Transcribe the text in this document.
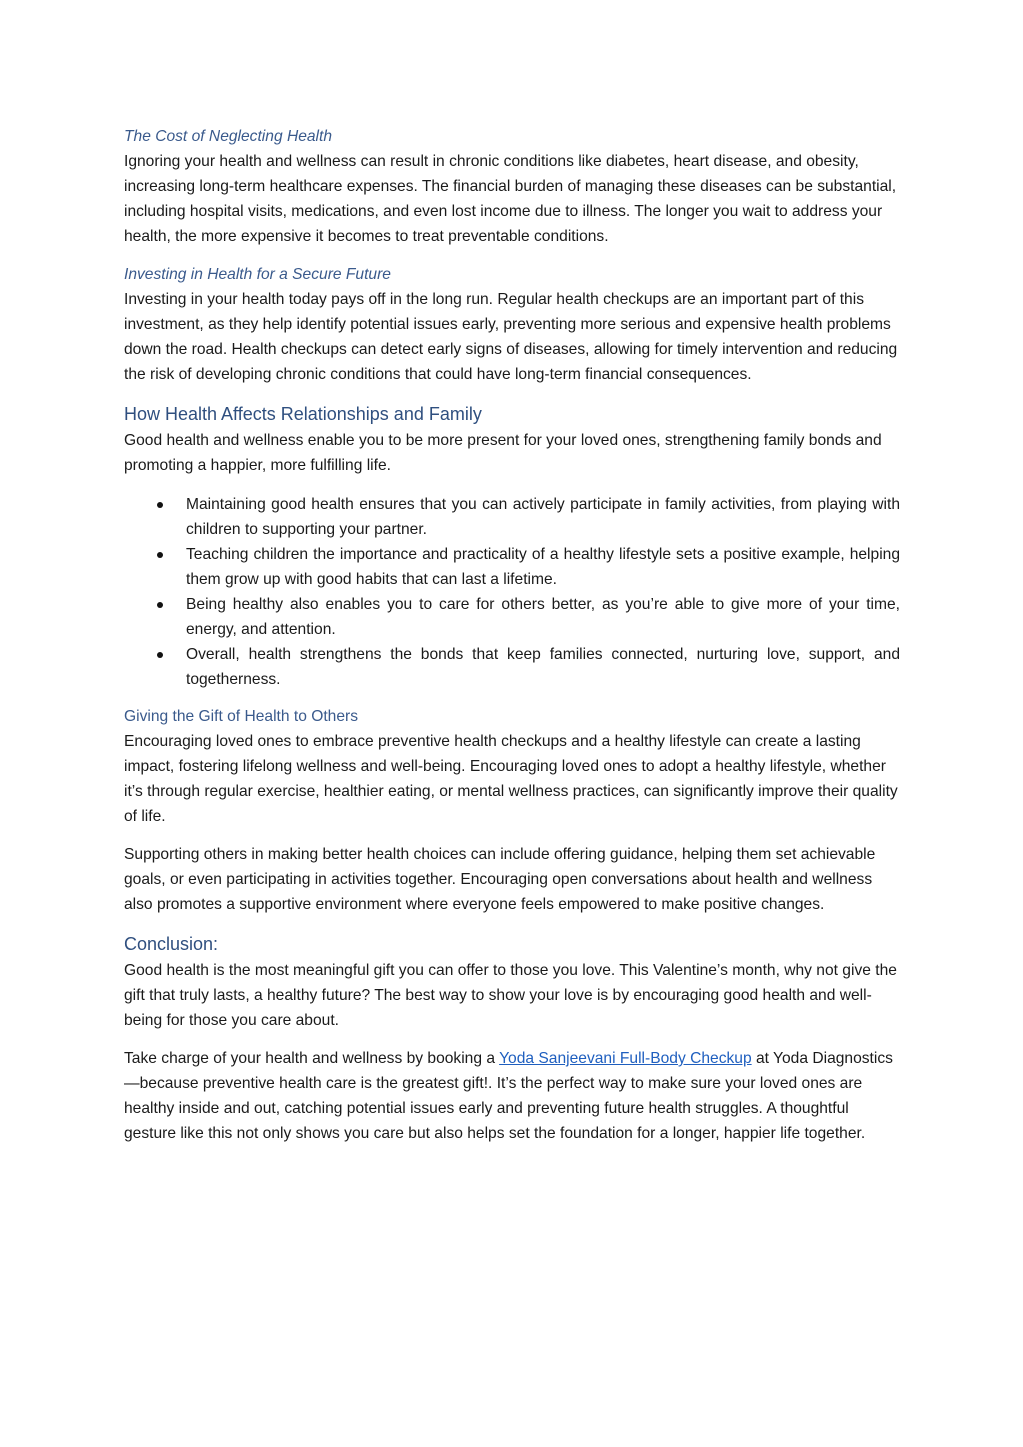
The Cost of Neglecting Health

Ignoring your health and wellness can result in chronic conditions like diabetes, heart disease, and obesity, increasing long-term healthcare expenses. The financial burden of managing these diseases can be substantial, including hospital visits, medications, and even lost income due to illness. The longer you wait to address your health, the more expensive it becomes to treat preventable conditions.

Investing in Health for a Secure Future

Investing in your health today pays off in the long run. Regular health checkups are an important part of this investment, as they help identify potential issues early, preventing more serious and expensive health problems down the road. Health checkups can detect early signs of diseases, allowing for timely intervention and reducing the risk of developing chronic conditions that could have long-term financial consequences.

How Health Affects Relationships and Family

Good health and wellness enable you to be more present for your loved ones, strengthening family bonds and promoting a happier, more fulfilling life.

Maintaining good health ensures that you can actively participate in family activities, from playing with children to supporting your partner.
Teaching children the importance and practicality of a healthy lifestyle sets a positive example, helping them grow up with good habits that can last a lifetime.
Being healthy also enables you to care for others better, as you’re able to give more of your time, energy, and attention.
Overall, health strengthens the bonds that keep families connected, nurturing love, support, and togetherness.

Giving the Gift of Health to Others

Encouraging loved ones to embrace preventive health checkups and a healthy lifestyle can create a lasting impact, fostering lifelong wellness and well-being. Encouraging loved ones to adopt a healthy lifestyle, whether it’s through regular exercise, healthier eating, or mental wellness practices, can significantly improve their quality of life.

Supporting others in making better health choices can include offering guidance, helping them set achievable goals, or even participating in activities together. Encouraging open conversations about health and wellness also promotes a supportive environment where everyone feels empowered to make positive changes.

Conclusion:

Good health is the most meaningful gift you can offer to those you love. This Valentine’s month, why not give the gift that truly lasts, a healthy future? The best way to show your love is by encouraging good health and well-being for those you care about.

Take charge of your health and wellness by booking a Yoda Sanjeevani Full-Body Checkup at Yoda Diagnostics—because preventive health care is the greatest gift!. It’s the perfect way to make sure your loved ones are healthy inside and out, catching potential issues early and preventing future health struggles. A thoughtful gesture like this not only shows you care but also helps set the foundation for a longer, happier life together.
